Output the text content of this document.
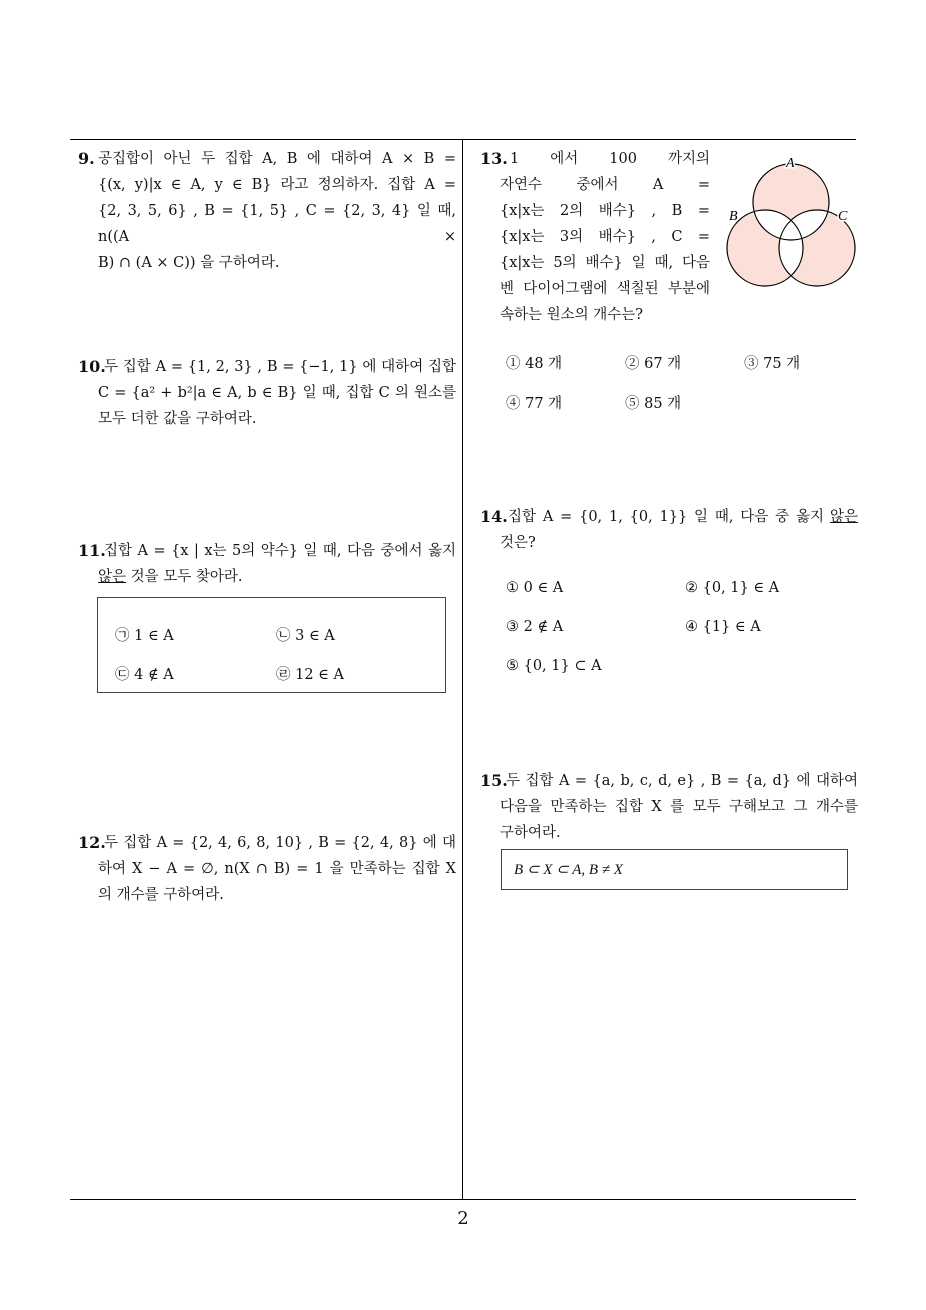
9. 공집합이 아닌 두 집합 A, B 에 대하여 A × B =
{(x, y)|x ∈ A, y ∈ B} 라고 정의하자. 집합 A =
{2, 3, 5, 6} , B = {1, 5} , C = {2, 3, 4} 일 때, n((A ×
B) ∩ (A × C)) 을 구하여라.
10.
두 집합 A = {1, 2, 3} , B = {−1, 1} 에 대하여 집합
C = {a² + b²|a ∈ A, b ∈ B} 일 때, 집합 C 의 원소를
모두 더한 값을 구하여라.
11.
집합 A = {x | x는 5의 약수} 일 때, 다음 중에서 옳지
않은 것을 모두 찾아라.
㉠ 1 ∈ A	㉡ 3 ∈ A
㉢ 4 ∉ A	㉣ 12 ∈ A
12.
두 집합 A = {2, 4, 6, 8, 10} , B = {2, 4, 8} 에 대
하여 X − A = ∅, n(X ∩ B) = 1 을 만족하는 집합 X
의 개수를 구하여라.
13. 1 에서 100 까지의
자연수 중에서 A =
{x|x는 2의 배수} , B =
{x|x는 3의 배수} , C =
{x|x는 5의 배수} 일 때, 다음
벤 다이어그램에 색칠된 부분에
속하는 원소의 개수는?
A
B	C
① 48 개	② 67 개	③ 75 개
④ 77 개	⑤ 85 개
14. 집합 A = {0, 1, {0, 1}} 일 때, 다음 중 옳지 않은
것은?
① 0 ∈ A	② {0, 1} ∈ A
③ 2 ∉ A	④ {1} ∈ A
⑤ {0, 1} ⊂ A
15.
두 집합 A = {a, b, c, d, e} , B = {a, d} 에 대하여
다음을 만족하는 집합 X 를 모두 구해보고 그 개수를
구하여라.
B ⊂ X ⊂ A, B ≠ X
2
